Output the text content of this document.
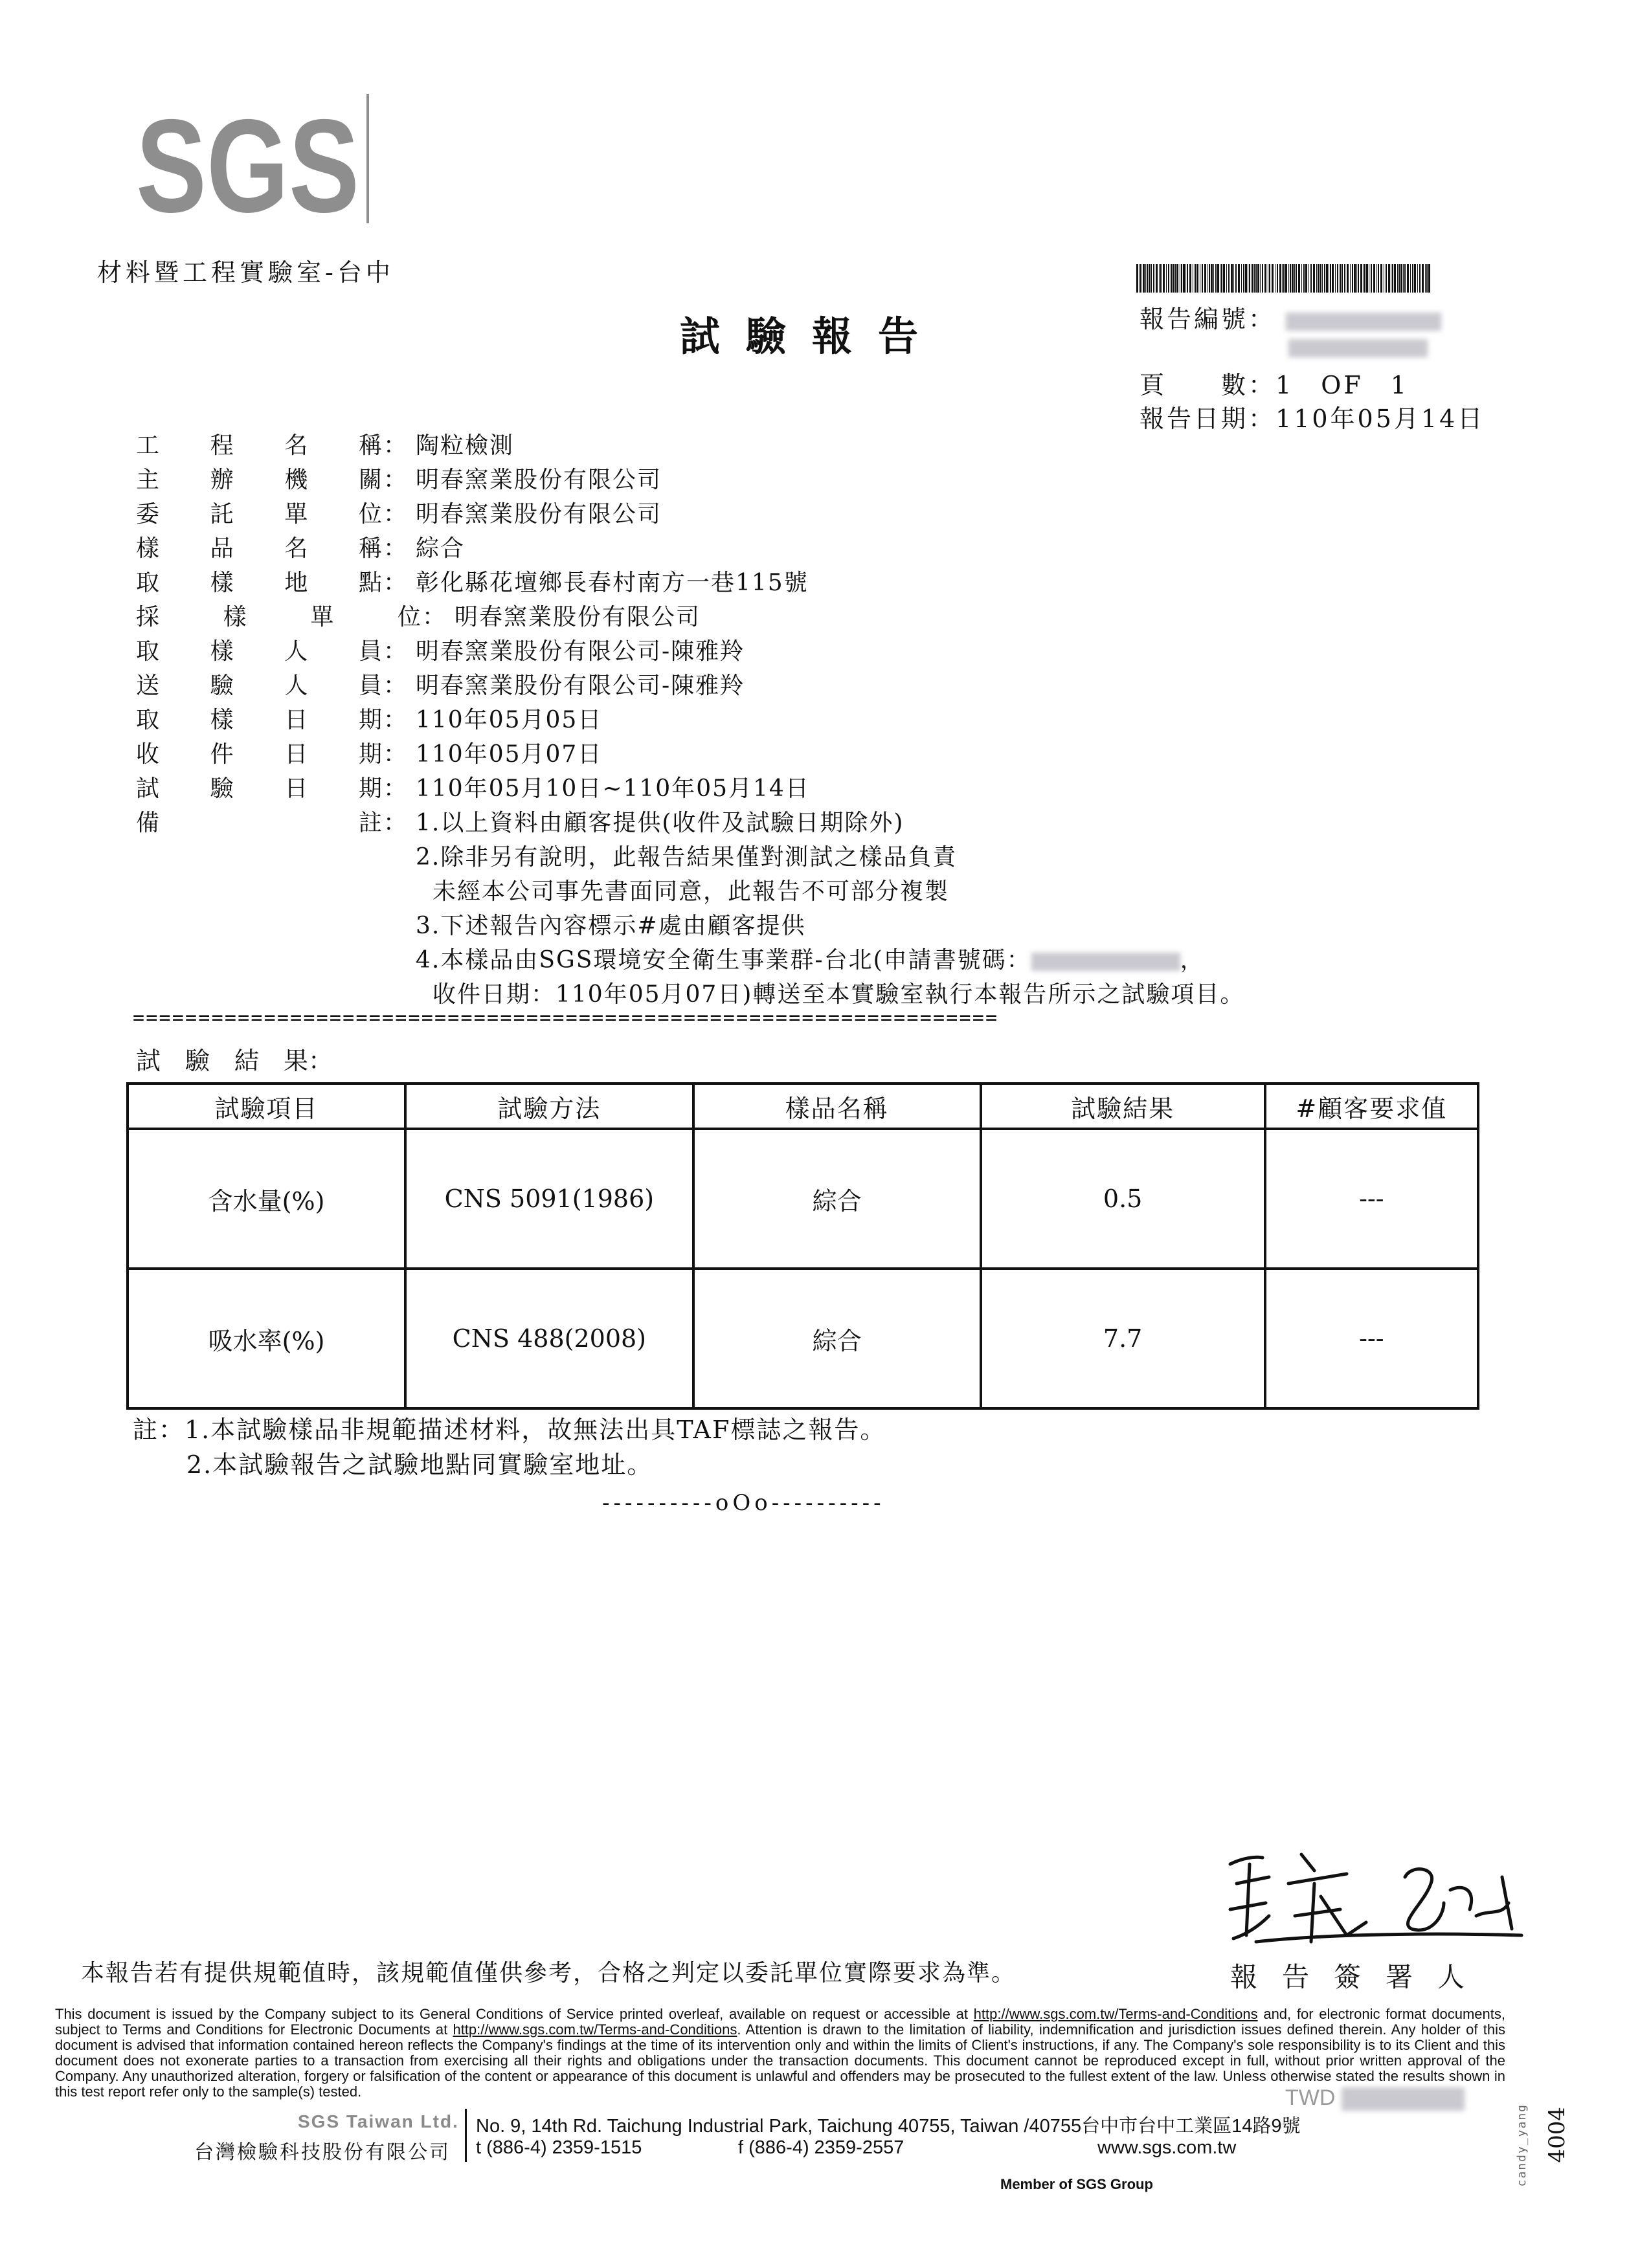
SGS
材料暨工程實驗室-台中
試驗報告	報告編號：
頁　　數：1　OF　1
報告日期：110年05月14日
工 程 名 稱 ： 陶粒檢測
主 辦 機 關 ： 明春窯業股份有限公司
委 託 單 位 ： 明春窯業股份有限公司
樣 品 名 稱 ： 綜合
取 樣 地 點 ： 彰化縣花壇鄉長春村南方一巷115號
採	樣	單	位 ： 明春窯業股份有限公司
取 樣 人 員 ： 明春窯業股份有限公司-陳雅羚
送 驗 人 員 ： 明春窯業股份有限公司-陳雅羚
取 樣 日 期 ： 110年05月05日
收 件 日 期 ： 110年05月07日
試 驗 日 期 ： 110年05月10日~110年05月14日
備
　	註 ： 1.以上資料由顧客提供(收件及試驗日期除外)
2.除非另有說明，此報告結果僅對測試之樣品負責
未經本公司事先書面同意，此報告不可部分複製
3.下述報告內容標示#處由顧客提供
4.本樣品由SGS環境安全衛生事業群-台北(申請書號碼：	，
收件日期：110年05月07日)轉送至本實驗室執行本報告所示之試驗項目。
==================================================================
試　驗　結　果：
試驗項目	試驗方法	樣品名稱	試驗結果	#顧客要求值
含水量(%)	CNS 5091(1986)	綜合	0.5	---
吸水率(%)	CNS 488(2008)	綜合	7.7	---
註：1.本試驗樣品非規範描述材料，故無法出具TAF標誌之報告。
2.本試驗報告之試驗地點同實驗室地址。
----------oOo----------
本報告若有提供規範值時，該規範值僅供參考，合格之判定以委託單位實際要求為準。	報告簽署人
This document is issued by the Company subject to its General Conditions of Service printed overleaf, available on request or accessible at http://www.sgs.com.tw/Terms-and-Conditions and, for electronic format documents, subject to Terms and Conditions for Electronic Documents at http://www.sgs.com.tw/Terms-and-Conditions. Attention is drawn to the limitation of liability, indemnification and jurisdiction issues defined therein. Any holder of this document is advised that information contained hereon reflects the Company's findings at the time of its intervention only and within the limits of Client's instructions, if any. The Company's sole responsibility is to its Client and this document does not exonerate parties to a transaction from exercising all their rights and obligations under the transaction documents. This document cannot be reproduced except in full, without prior written approval of the Company. Any unauthorized alteration, forgery or falsification of the content or appearance of this document is unlawful and offenders may be prosecuted to the fullest extent of the law. Unless otherwise stated the results shown in this test report refer only to the sample(s) tested.	TWD
SGS Taiwan Ltd.
台灣檢驗科技股份有限公司
No. 9, 14th Rd. Taichung Industrial Park, Taichung 40755, Taiwan /40755台中市台中工業區14路9號
t (886-4) 2359-1515	f (886-4) 2359-2557	www.sgs.com.tw
Member of SGS Group
4004
candy_yang
